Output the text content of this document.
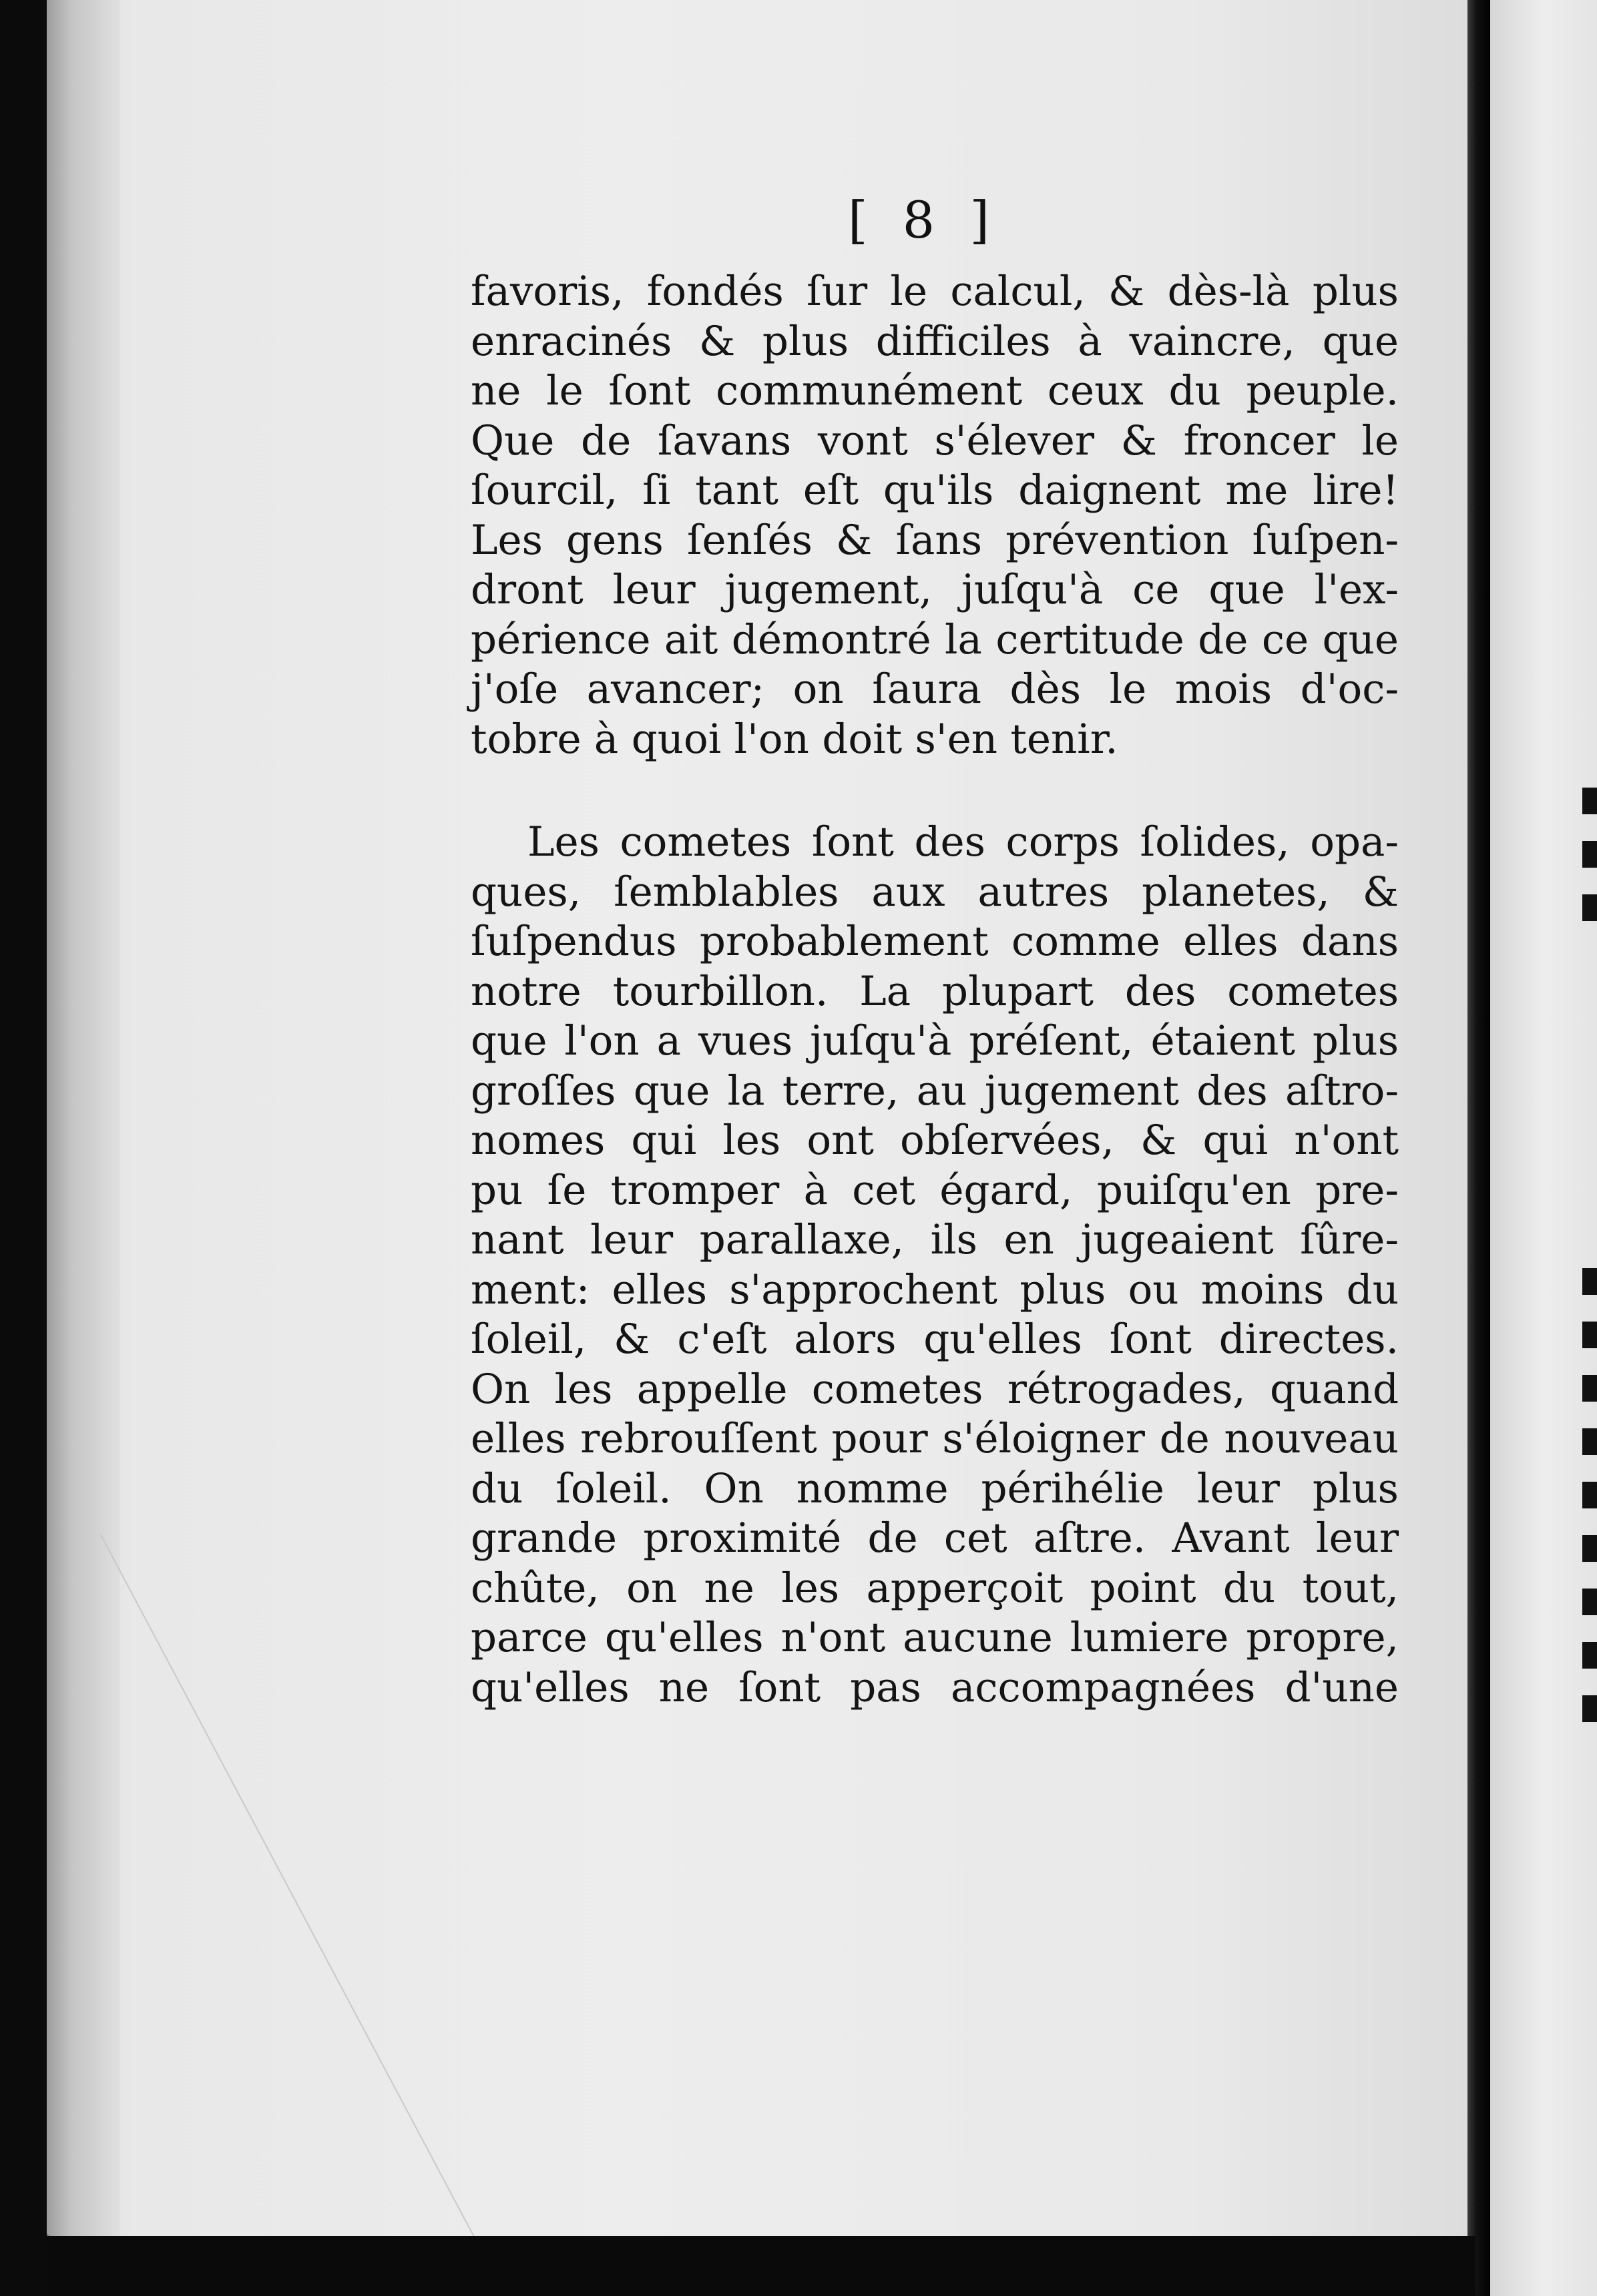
[ 8 ]
favoris, fondés ſur le calcul, & dès-là plus
enracinés & plus difficiles à vaincre, que
ne le ſont communément ceux du peuple.
Que de ſavans vont s'élever & froncer le
ſourcil, ſi tant eſt qu'ils daignent me lire!
Les gens ſenſés & ſans prévention ſuſpen-
dront leur jugement, juſqu'à ce que l'ex-
périence ait démontré la certitude de ce que
j'oſe avancer; on ſaura dès le mois d'oc-
tobre à quoi l'on doit s'en tenir.
Les cometes ſont des corps ſolides, opa-
ques, ſemblables aux autres planetes, &
ſuſpendus probablement comme elles dans
notre tourbillon. La plupart des cometes
que l'on a vues juſqu'à préſent, étaient plus
groſſes que la terre, au jugement des aſtro-
nomes qui les ont obſervées, & qui n'ont
pu ſe tromper à cet égard, puiſqu'en pre-
nant leur parallaxe, ils en jugeaient ſûre-
ment: elles s'approchent plus ou moins du
ſoleil, & c'eſt alors qu'elles ſont directes.
On les appelle cometes rétrogades, quand
elles rebrouſſent pour s'éloigner de nouveau
du ſoleil. On nomme périhélie leur plus
grande proximité de cet aſtre. Avant leur
chûte, on ne les apperçoit point du tout,
parce qu'elles n'ont aucune lumiere propre,
qu'elles ne ſont pas accompagnées d'une
